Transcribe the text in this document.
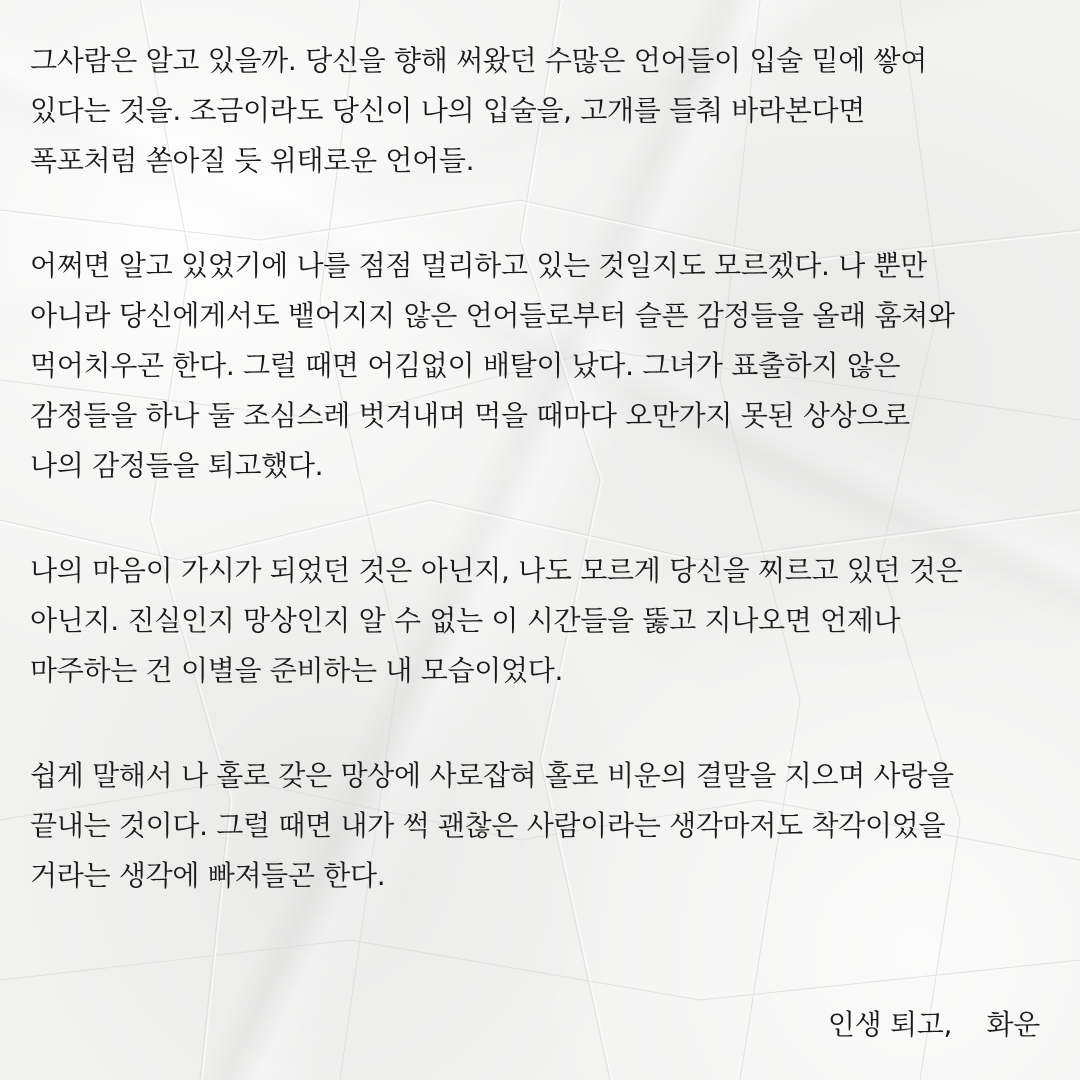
그사람은 알고 있을까. 당신을 향해 써왔던 수많은 언어들이 입술 밑에 쌓여
있다는 것을. 조금이라도 당신이 나의 입술을, 고개를 들춰 바라본다면
폭포처럼 쏟아질 듯 위태로운 언어들.
어쩌면 알고 있었기에 나를 점점 멀리하고 있는 것일지도 모르겠다. 나 뿐만
아니라 당신에게서도 뱉어지지 않은 언어들로부터 슬픈 감정들을 올래 훔쳐와
먹어치우곤 한다. 그럴 때면 어김없이 배탈이 났다. 그녀가 표출하지 않은
감정들을 하나 둘 조심스레 벗겨내며 먹을 때마다 오만가지 못된 상상으로
나의 감정들을 퇴고했다.
나의 마음이 가시가 되었던 것은 아닌지, 나도 모르게 당신을 찌르고 있던 것은
아닌지. 진실인지 망상인지 알 수 없는 이 시간들을 뚫고 지나오면 언제나
마주하는 건 이별을 준비하는 내 모습이었다.
쉽게 말해서 나 홀로 갖은 망상에 사로잡혀 홀로 비운의 결말을 지으며 사랑을
끝내는 것이다. 그럴 때면 내가 썩 괜찮은 사람이라는 생각마저도 착각이었을
거라는 생각에 빠져들곤 한다.
인생 퇴고,    화운
